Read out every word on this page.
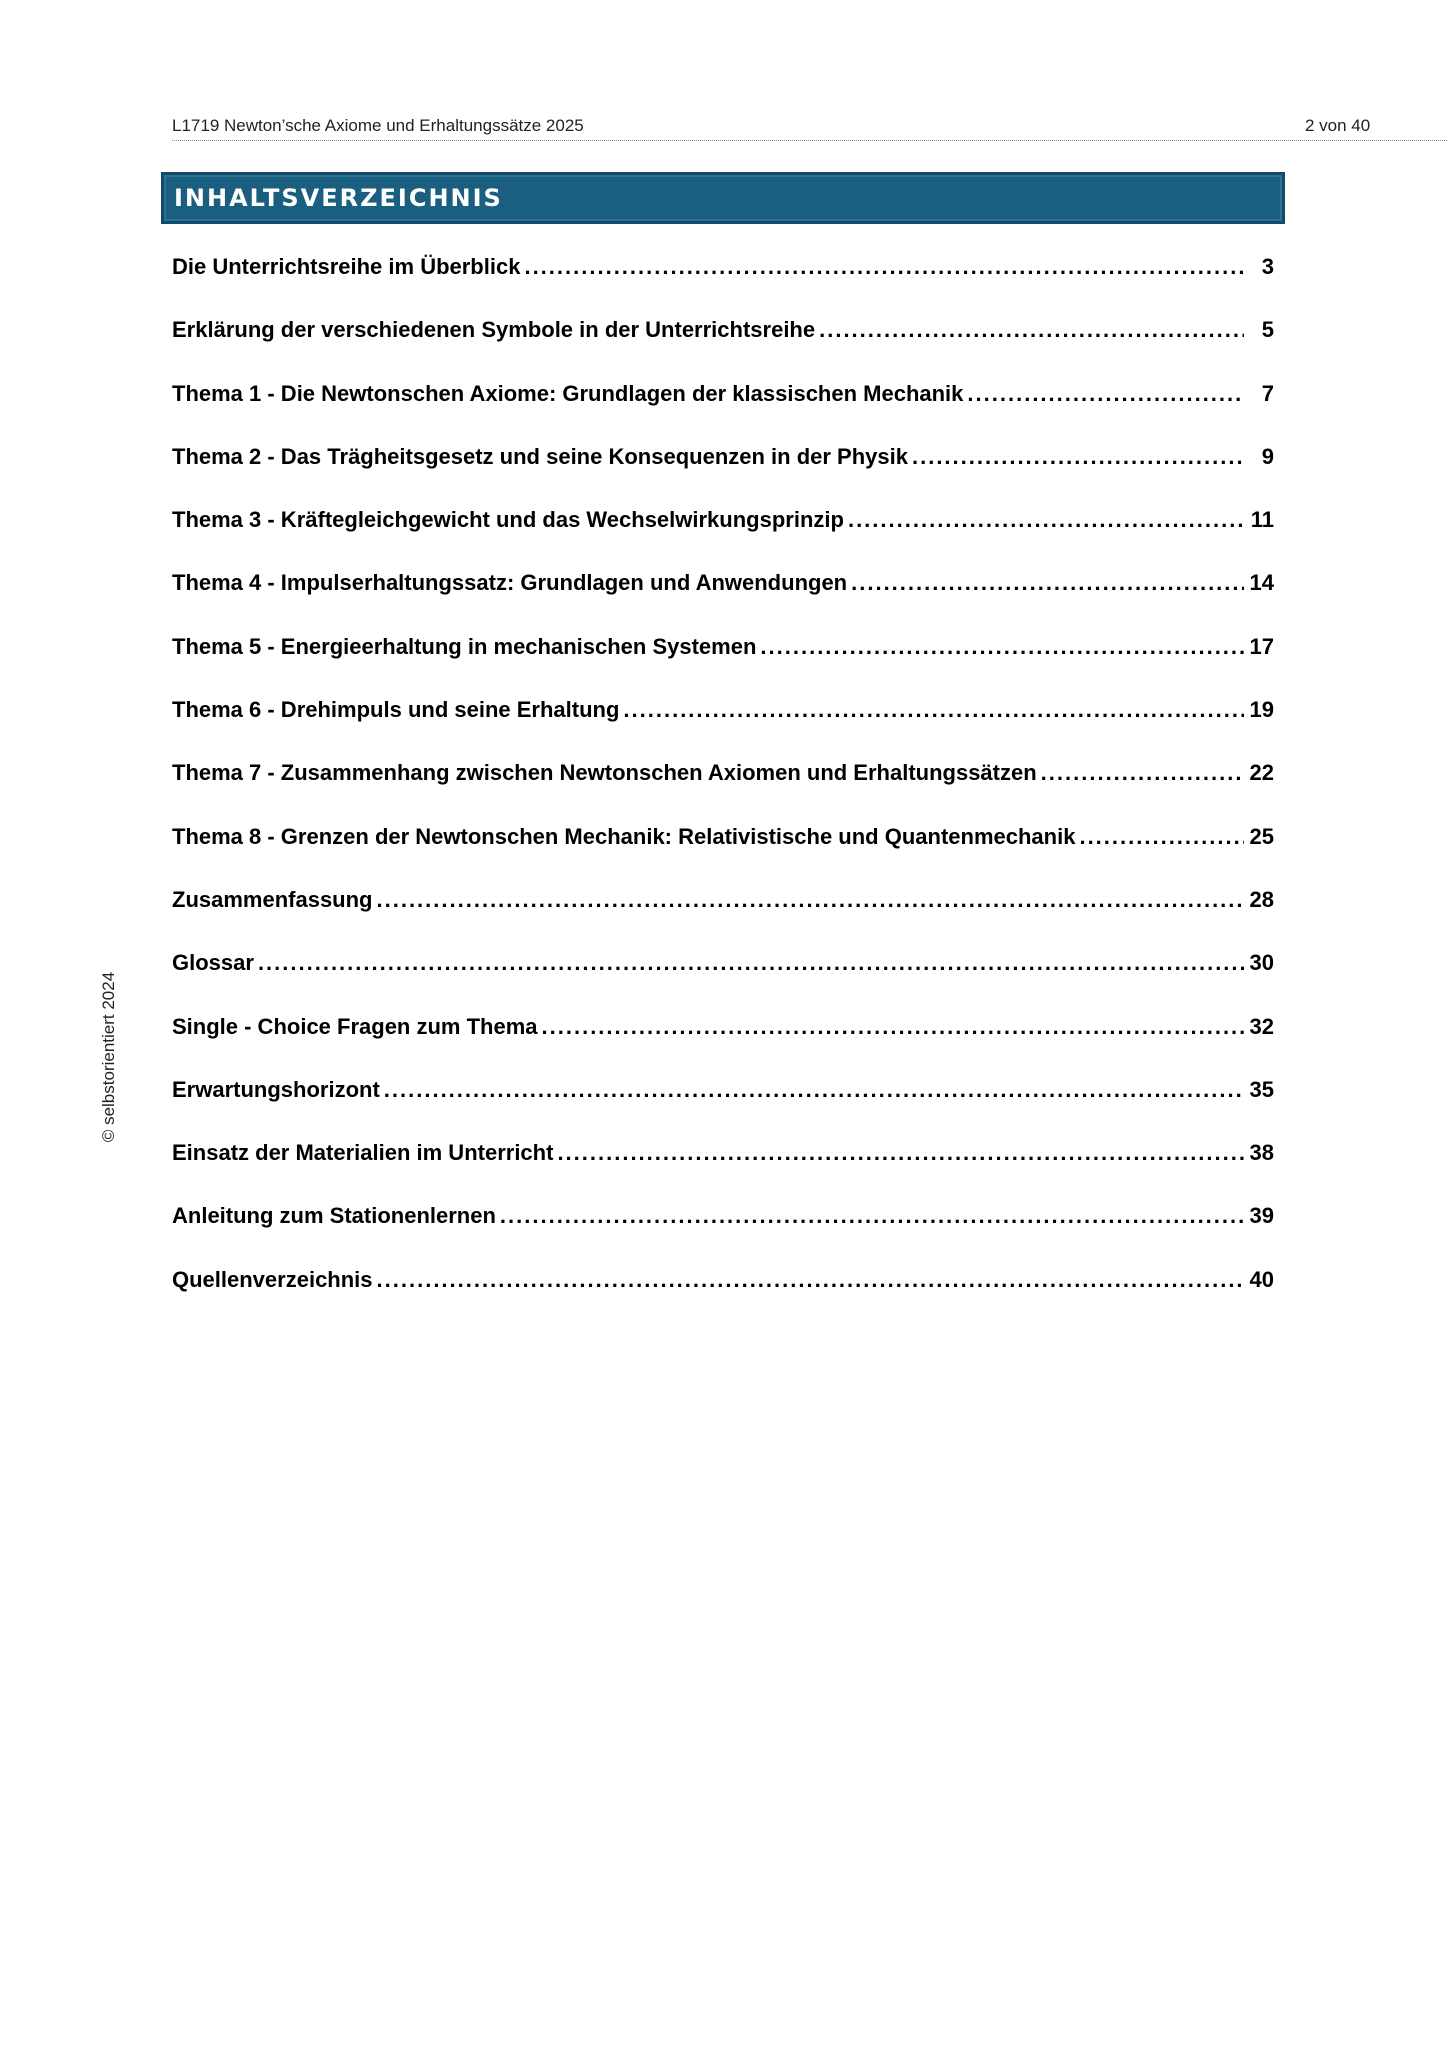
L1719 Newton’sche Axiome und Erhaltungssätze 2025	2 von 40
INHALTSVERZEICHNIS
Die Unterrichtsreihe im Überblick .....	3
Erklärung der verschiedenen Symbole in der Unterrichtsreihe .....	5
Thema 1 - Die Newtonschen Axiome: Grundlagen der klassischen Mechanik .....	7
Thema 2 - Das Trägheitsgesetz und seine Konsequenzen in der Physik .....	9
Thema 3 - Kräftegleichgewicht und das Wechselwirkungsprinzip .....	11
Thema 4 - Impulserhaltungssatz: Grundlagen und Anwendungen .....	14
Thema 5 - Energieerhaltung in mechanischen Systemen .....	17
Thema 6 - Drehimpuls und seine Erhaltung .....	19
Thema 7 - Zusammenhang zwischen Newtonschen Axiomen und Erhaltungssätzen .....	22
Thema 8 - Grenzen der Newtonschen Mechanik: Relativistische und Quantenmechanik .....	25
Zusammenfassung .....	28
Glossar .....	30
Single - Choice Fragen zum Thema .....	32
Erwartungshorizont .....	35
Einsatz der Materialien im Unterricht .....	38
Anleitung zum Stationenlernen .....	39
Quellenverzeichnis .....	40
© selbstorientiert 2024
